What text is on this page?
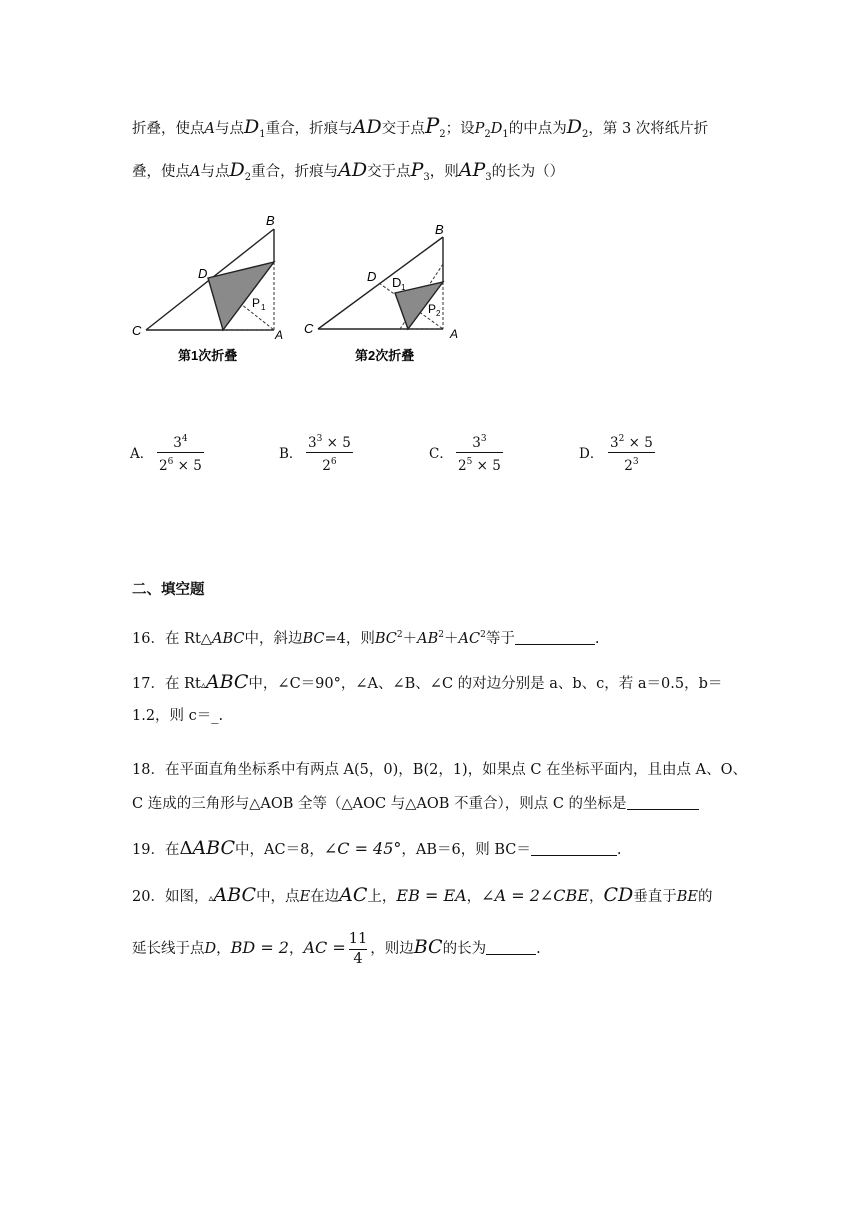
折叠，使点A与点$D_1$重合，折痕与AD交于点$P_2$；设$P_2D_1$的中点为$D_2$，第 3 次将纸片折
叠，使点A与点$D_2$重合，折痕与AD交于点$P_3$，则$AP_3$的长为（）
B
D
P 1
C	A
第1次折叠
B
D D 1
P 2
C	A
第2次折叠
A．
$3^4$
$2^6 \times 5$
B．
$3^3 \times 5$
$2^6$	C．
$3^3$
$2^5 \times 5$
D．
$3^2 \times 5$
$2^3$
二、填空题
16．在 Rt△ABC中，斜边BC=4，则$BC^2+AB^2+AC^2$等于	.
17．在 Rt▵ABC中，∠C＝90°，∠A、∠B、∠C 的对边分别是 a、b、c，若 a＝0.5，b＝
1.2，则 c＝_.
18．在平面直角坐标系中有两点 A(5，0)，B(2，1)，如果点 C 在坐标平面内，且由点 A、O、
C 连成的三角形与△AOB 全等（△AOC 与△AOB 不重合），则点 C 的坐标是
19．在ΔABC中，AC＝8，∠C = 45°，AB＝6，则 BC＝	.
20．如图，▵ABC中，点E在边AC上，EB = EA，∠A = 2∠CBE，CD垂直于BE的
延长线于点D，BD = 2，AC = $\frac{11}{4}$ ，则边BC的长为	.
